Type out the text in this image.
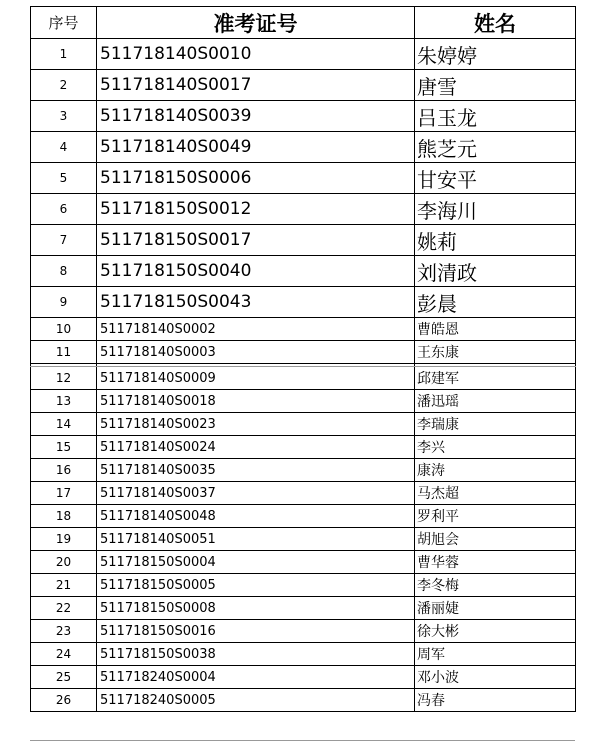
序号	准考证号	姓名
1	511718140S0010	朱婷婷
2	511718140S0017	唐雪
3	511718140S0039	吕玉龙
4	511718140S0049	熊芝元
5	511718150S0006	甘安平
6	511718150S0012	李海川
7	511718150S0017	姚莉
8	511718150S0040	刘清政
9	511718150S0043	彭晨
10	511718140S0002	曹皓恩
11	511718140S0003	王东康

12	511718140S0009	邱建军
13	511718140S0018	潘迅瑶
14	511718140S0023	李瑞康
15	511718140S0024	李兴
16	511718140S0035	康涛
17	511718140S0037	马杰超
18	511718140S0048	罗利平
19	511718140S0051	胡旭会
20	511718150S0004	曹华蓉
21	511718150S0005	李冬梅
22	511718150S0008	潘丽婕
23	511718150S0016	徐大彬
24	511718150S0038	周军
25	511718240S0004	邓小波
26	511718240S0005	冯春
